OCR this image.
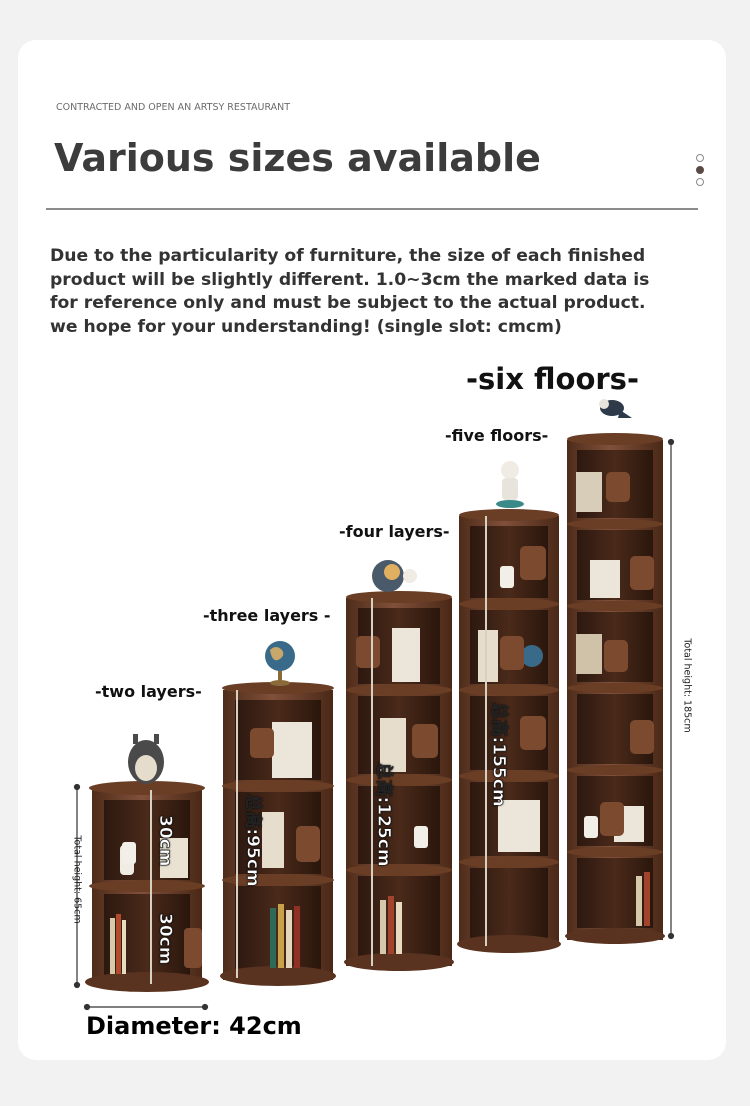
CONTRACTED AND OPEN AN ARTSY RESTAURANT
Various sizes available
Due to the particularity of furniture, the size of each finished
product will be slightly different. 1.0~3cm the marked data is
for reference only and must be subject to the actual product.
we hope for your understanding! (single slot: cmcm)
-two layers-
-three layers -
-four layers-
-five floors-
-six floors-
Total height: 65cm
Total height: 185cm
30cm
30cm
总高:95cm	总高:125cm
总高:155cm
Diameter: 42cm
